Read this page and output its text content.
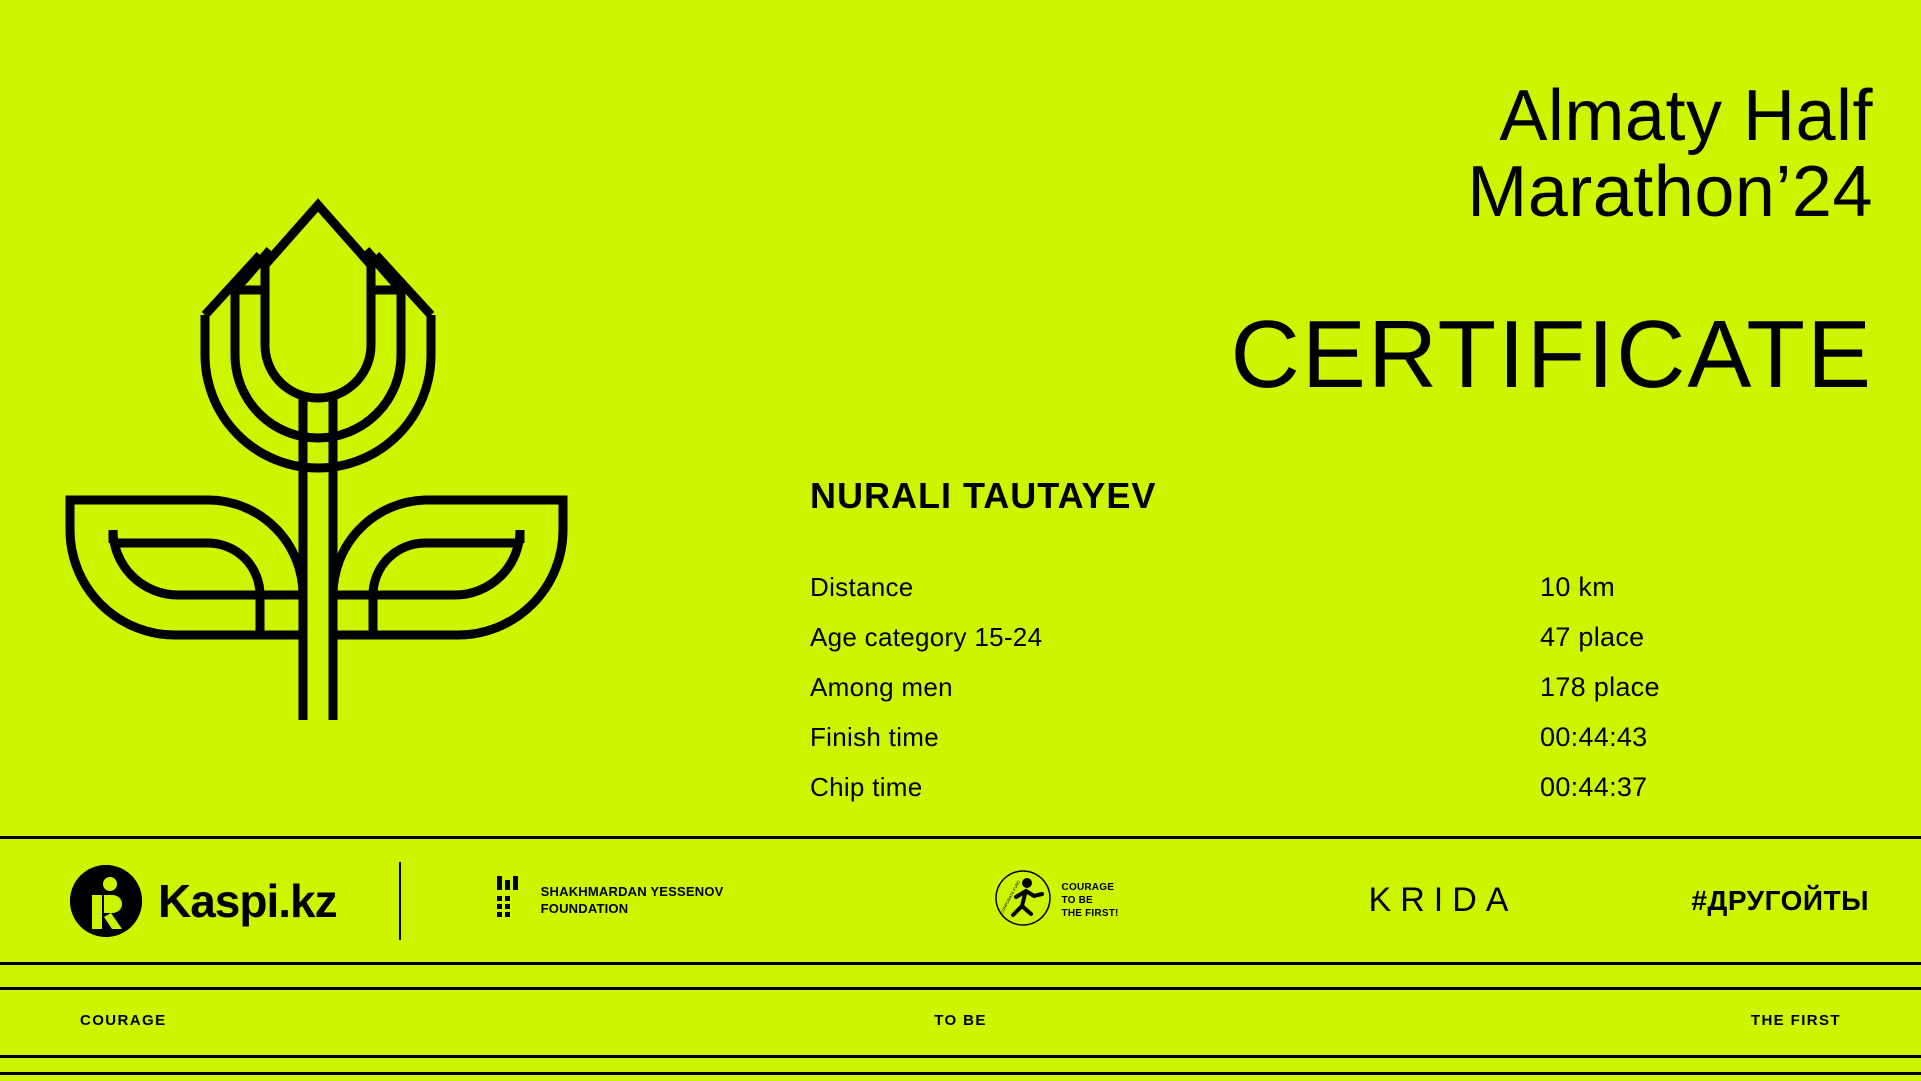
Almaty Half
Marathon’24
CERTIFICATE
NURALI TAUTAYEV
Distance	10 km
Age category 15-24	47 place
Among men	178 place
Finish time	00:44:43
Chip time	00:44:37
Kaspi.kz	SHAKHMARDAN YESSENOV
FOUNDATION	CORPORATE FUND	COURAGE
TO BE
THE FIRST!	KRIDA	#ДРУГОЙТЫ
COURAGE	TO BE	THE FIRST
